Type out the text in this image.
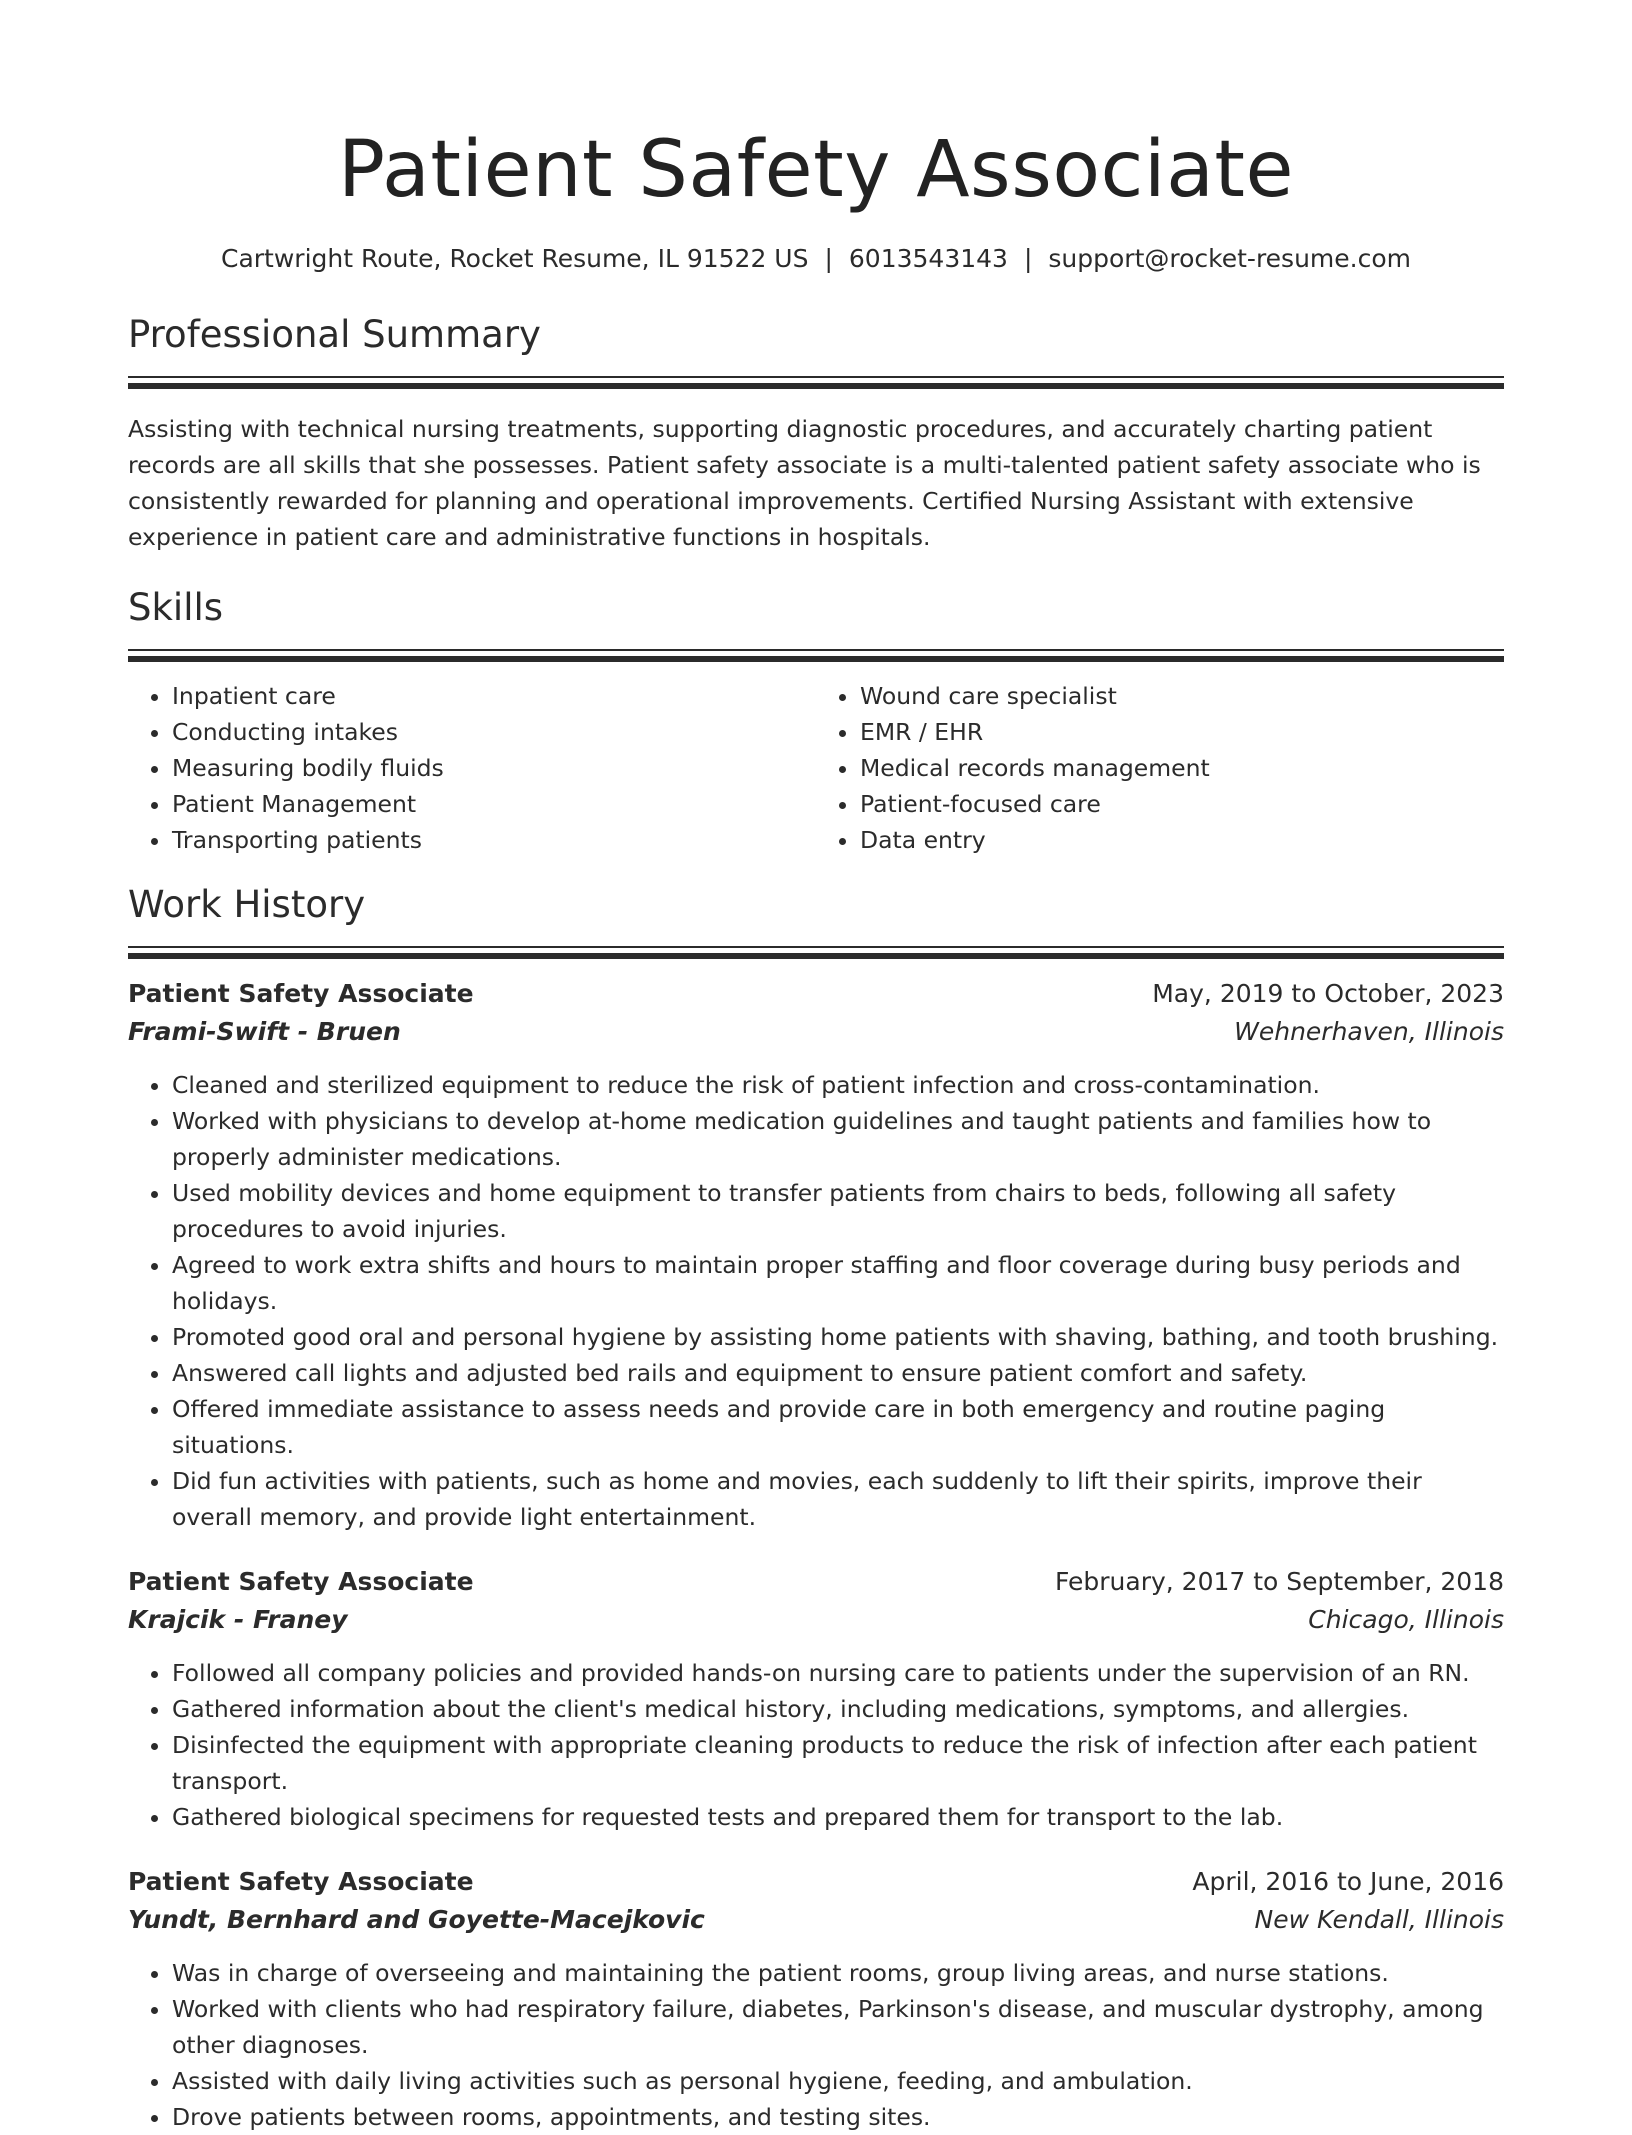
Patient Safety Associate
Cartwright Route, Rocket Resume, IL 91522 US | 6013543143 | support@rocket-resume.com
Professional Summary
Assisting with technical nursing treatments, supporting diagnostic procedures, and accurately charting patient records are all skills that she possesses. Patient safety associate is a multi-talented patient safety associate who is consistently rewarded for planning and operational improvements. Certified Nursing Assistant with extensive experience in patient care and administrative functions in hospitals.
Skills
• Inpatient care
• Conducting intakes
• Measuring bodily fluids
• Patient Management
• Transporting patients
• Wound care specialist
• EMR / EHR
• Medical records management
• Patient-focused care
• Data entry
Work History
Patient Safety Associate	May, 2019 to October, 2023
Frami-Swift - Bruen	Wehnerhaven, Illinois
• Cleaned and sterilized equipment to reduce the risk of patient infection and cross-contamination.
• Worked with physicians to develop at-home medication guidelines and taught patients and families how to properly administer medications.
• Used mobility devices and home equipment to transfer patients from chairs to beds, following all safety procedures to avoid injuries.
• Agreed to work extra shifts and hours to maintain proper staffing and floor coverage during busy periods and holidays.
• Promoted good oral and personal hygiene by assisting home patients with shaving, bathing, and tooth brushing.
• Answered call lights and adjusted bed rails and equipment to ensure patient comfort and safety.
• Offered immediate assistance to assess needs and provide care in both emergency and routine paging situations.
• Did fun activities with patients, such as home and movies, each suddenly to lift their spirits, improve their overall memory, and provide light entertainment.
Patient Safety Associate	February, 2017 to September, 2018
Krajcik - Franey	Chicago, Illinois
• Followed all company policies and provided hands-on nursing care to patients under the supervision of an RN.
• Gathered information about the client's medical history, including medications, symptoms, and allergies.
• Disinfected the equipment with appropriate cleaning products to reduce the risk of infection after each patient transport.
• Gathered biological specimens for requested tests and prepared them for transport to the lab.
Patient Safety Associate	April, 2016 to June, 2016
Yundt, Bernhard and Goyette-Macejkovic	New Kendall, Illinois
• Was in charge of overseeing and maintaining the patient rooms, group living areas, and nurse stations.
• Worked with clients who had respiratory failure, diabetes, Parkinson's disease, and muscular dystrophy, among other diagnoses.
• Assisted with daily living activities such as personal hygiene, feeding, and ambulation.
• Drove patients between rooms, appointments, and testing sites.
